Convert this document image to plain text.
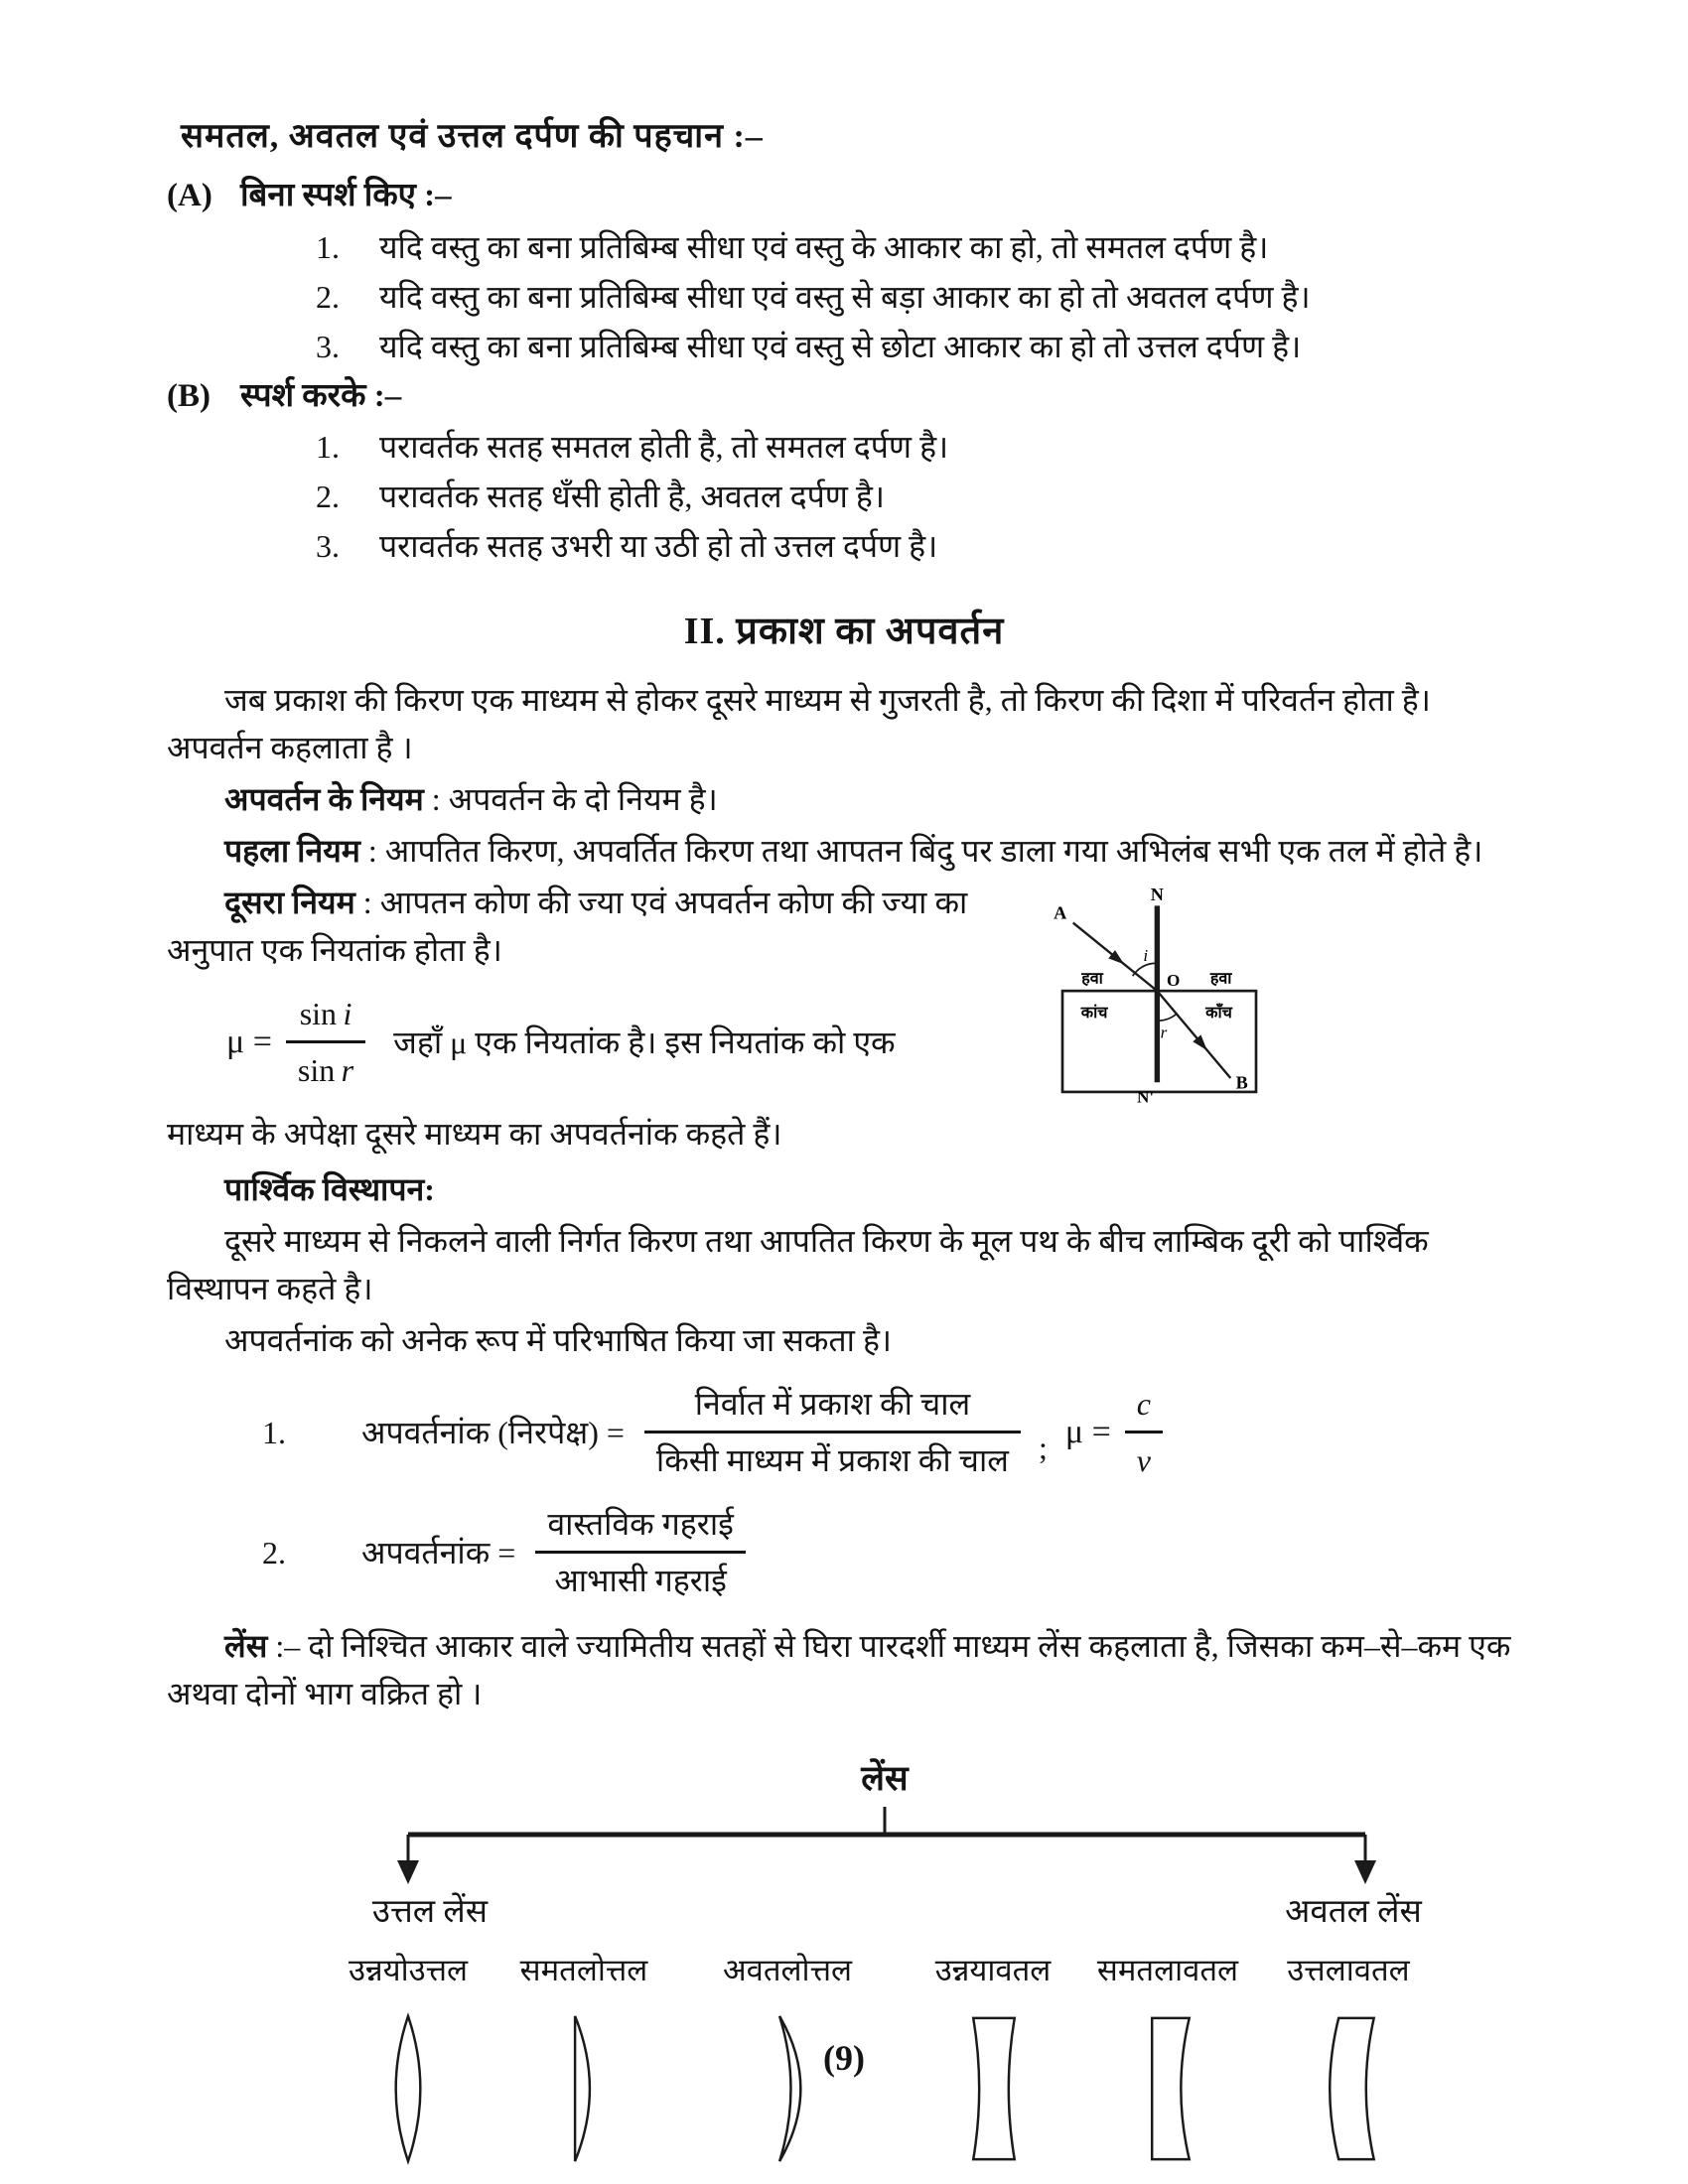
समतल, अवतल एवं उत्तल दर्पण की पहचान :–
(A) बिना स्पर्श किए :–
1.	यदि वस्तु का बना प्रतिबिम्ब सीधा एवं वस्तु के आकार का हो, तो समतल दर्पण है।
2.	यदि वस्तु का बना प्रतिबिम्ब सीधा एवं वस्तु से बड़ा आकार का हो तो अवतल दर्पण है।
3.	यदि वस्तु का बना प्रतिबिम्ब सीधा एवं वस्तु से छोटा आकार का हो तो उत्तल दर्पण है।
(B) स्पर्श करके :–
1.	परावर्तक सतह समतल होती है, तो समतल दर्पण है।
2.	परावर्तक सतह धँसी होती है, अवतल दर्पण है।
3.	परावर्तक सतह उभरी या उठी हो तो उत्तल दर्पण है।
II. प्रकाश का अपवर्तन

जब प्रकाश की किरण एक माध्यम से होकर दूसरे माध्यम से गुजरती है, तो किरण की दिशा में परिवर्तन होता है। अपवर्तन कहलाता है ।

अपवर्तन के नियम : अपवर्तन के दो नियम है।

पहला नियम : आपतित किरण, अपवर्तित किरण तथा आपतन बिंदु पर डाला गया अभिलंब सभी एक तल में होते है।

N
N'
A
B
O
i
r
हवा	हवा
कांच	काँच

दूसरा नियम : आपतन कोण की ज्या एवं अपवर्तन कोण की ज्या का अनुपात एक नियतांक होता है।

$\mu = \frac{\text{sin  i}}{\text{sin  r}}$ जहाँ μ एक नियतांक है। इस नियतांक को एक

माध्यम के अपेक्षा दूसरे माध्यम का अपवर्तनांक कहते हैं।

पार्श्विक विस्थापन:

दूसरे माध्यम से निकलने वाली निर्गत किरण तथा आपतित किरण के मूल पथ के बीच लाम्बिक दूरी को पार्श्विक विस्थापन कहते है।

अपवर्तनांक को अनेक रूप में परिभाषित किया जा सकता है।

1.	अपवर्तनांक (निरपेक्ष) = $\frac{\text{निर्वात में प्रकाश की चाल}}{\text{किसी माध्यम में प्रकाश की चाल}}$ ; $\mu = \frac{c}{v}$
2.	अपवर्तनांक = $\frac{\text{वास्तविक गहराई}}{\text{आभासी गहराई}}$

लेंस :– दो निश्चित आकार वाले ज्यामितीय सतहों से घिरा पारदर्शी माध्यम लेंस कहलाता है, जिसका कम–से–कम एक अथवा दोनों भाग वक्रित हो ।

लेंस
उत्तल लेंस	अवतल लेंस
उन्नयोउत्तल	समतलोत्तल	अवतलोत्तल	उन्नयावतल	समतलावतल	उत्तलावतल
(9)
